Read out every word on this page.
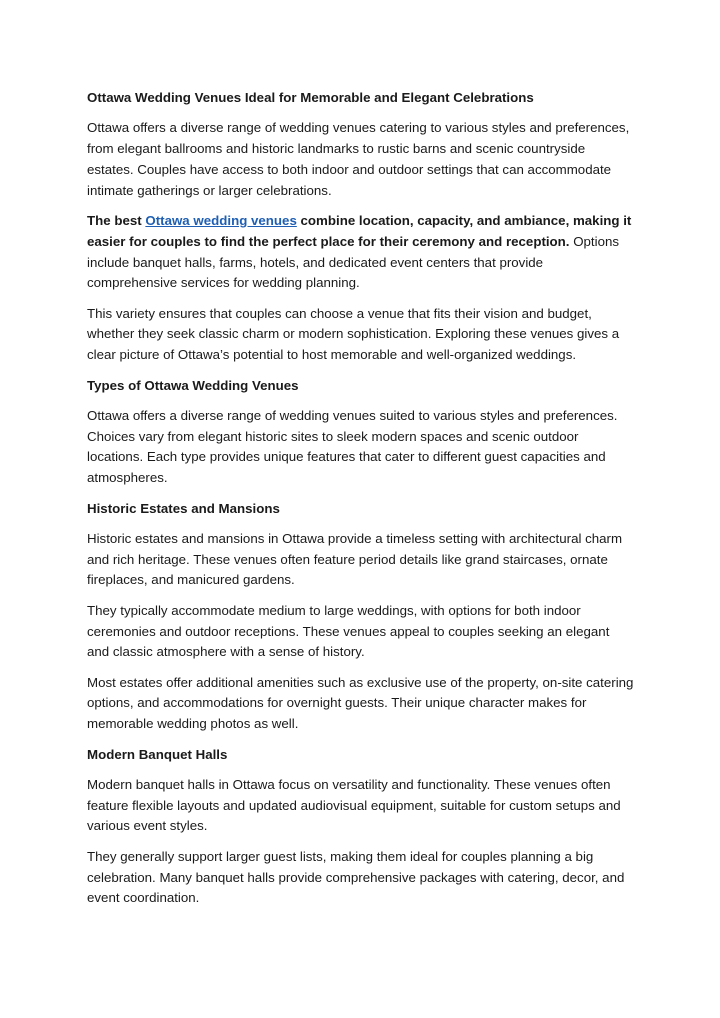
Ottawa Wedding Venues Ideal for Memorable and Elegant Celebrations

Ottawa offers a diverse range of wedding venues catering to various styles and preferences, from elegant ballrooms and historic landmarks to rustic barns and scenic countryside estates. Couples have access to both indoor and outdoor settings that can accommodate intimate gatherings or larger celebrations.

The best Ottawa wedding venues combine location, capacity, and ambiance, making it easier for couples to find the perfect place for their ceremony and reception. Options include banquet halls, farms, hotels, and dedicated event centers that provide comprehensive services for wedding planning.

This variety ensures that couples can choose a venue that fits their vision and budget, whether they seek classic charm or modern sophistication. Exploring these venues gives a clear picture of Ottawa’s potential to host memorable and well-organized weddings.

Types of Ottawa Wedding Venues

Ottawa offers a diverse range of wedding venues suited to various styles and preferences. Choices vary from elegant historic sites to sleek modern spaces and scenic outdoor locations. Each type provides unique features that cater to different guest capacities and atmospheres.

Historic Estates and Mansions

Historic estates and mansions in Ottawa provide a timeless setting with architectural charm and rich heritage. These venues often feature period details like grand staircases, ornate fireplaces, and manicured gardens.

They typically accommodate medium to large weddings, with options for both indoor ceremonies and outdoor receptions. These venues appeal to couples seeking an elegant and classic atmosphere with a sense of history.

Most estates offer additional amenities such as exclusive use of the property, on-site catering options, and accommodations for overnight guests. Their unique character makes for memorable wedding photos as well.

Modern Banquet Halls

Modern banquet halls in Ottawa focus on versatility and functionality. These venues often feature flexible layouts and updated audiovisual equipment, suitable for custom setups and various event styles.

They generally support larger guest lists, making them ideal for couples planning a big celebration. Many banquet halls provide comprehensive packages with catering, decor, and event coordination.
